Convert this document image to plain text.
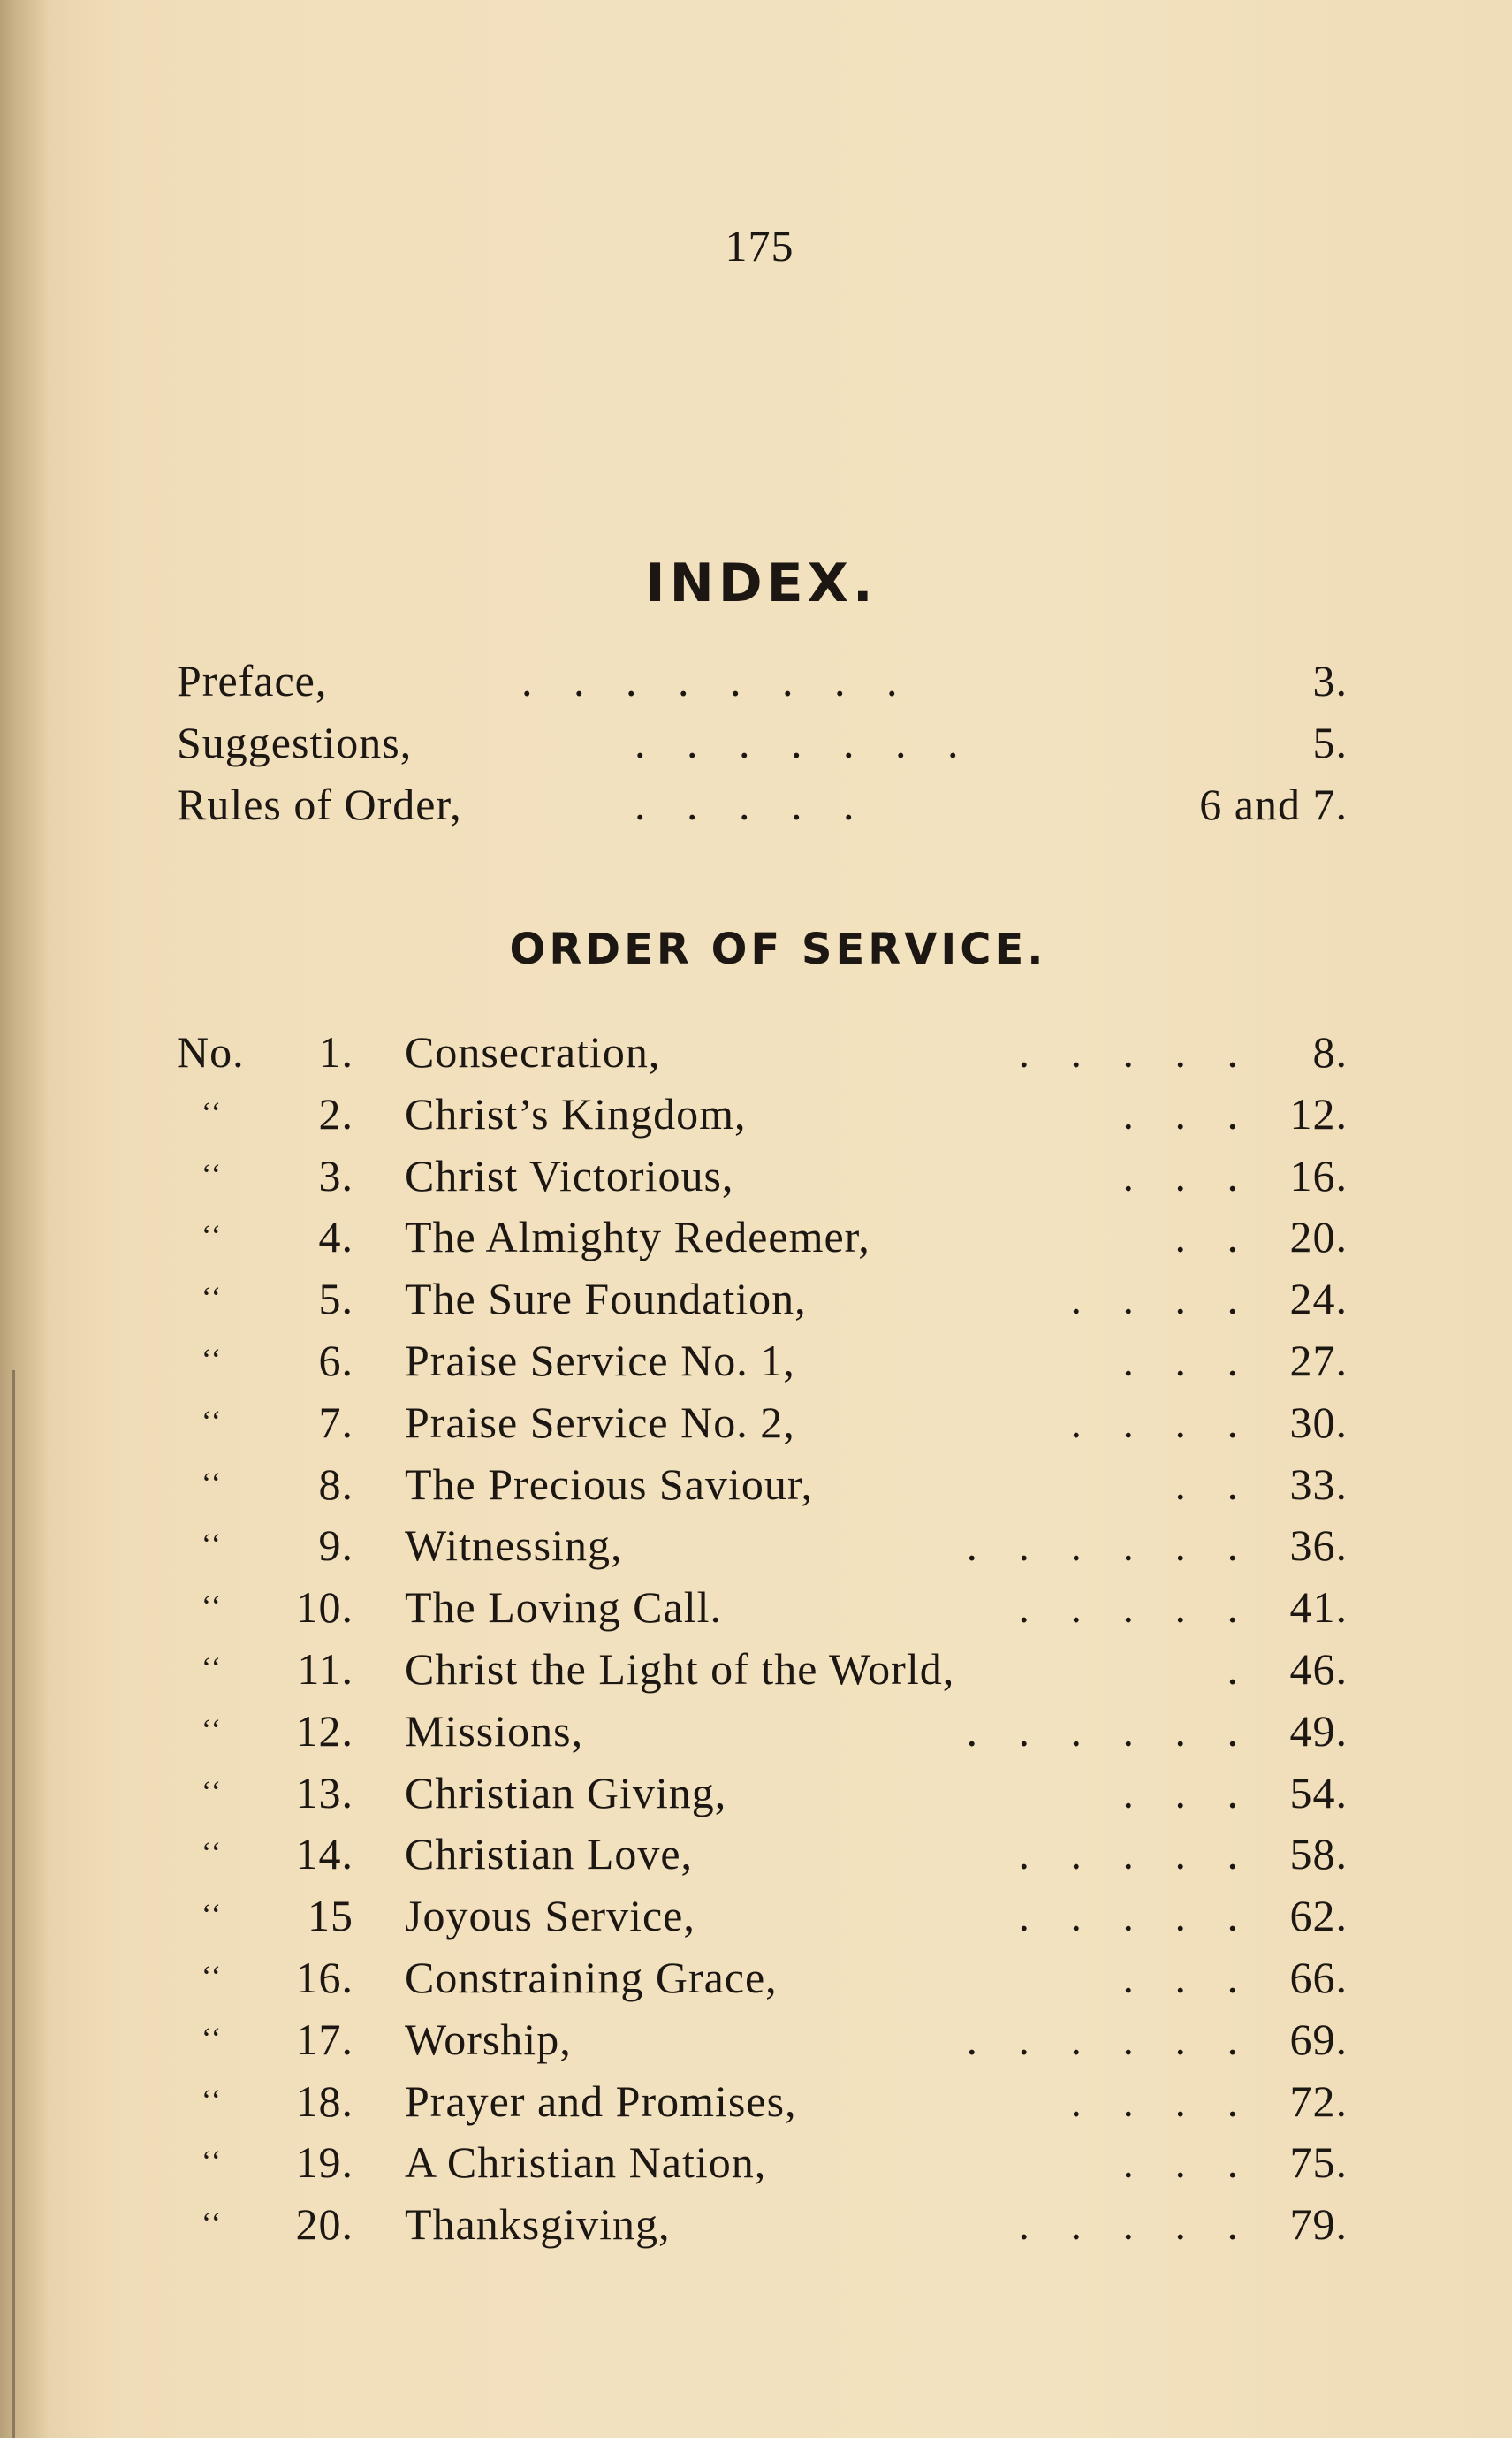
175
INDEX.
Preface,	. . . . . . . .	3.
Suggestions,	. . . . . . .	5.
Rules of Order,	. . . . .	6 and 7.
ORDER OF SERVICE.
No.	1. Consecration,	. . . . . 8.
‘‘	2. Christ’s Kingdom,	. . . 12.
‘‘	3. Christ Victorious,	. . . 16.
‘‘	4. The Almighty Redeemer,	. . 20.
‘‘	5. The Sure Foundation,	. . . . 24.
‘‘	6. Praise Service No. 1,	. . . 27.
‘‘	7. Praise Service No. 2,	. . . . 30.
‘‘	8. The Precious Saviour,	. . 33.
‘‘	9. Witnessing,	. . . . . . 36.
‘‘	10. The Loving Call.	. . . . . 41.
‘‘	11. Christ the Light of the World,	. 46.
‘‘	12. Missions,	. . . . . . 49.
‘‘	13. Christian Giving,	. . . 54.
‘‘	14. Christian Love,	. . . . . 58.
‘‘	15 Joyous Service,	. . . . . 62.
‘‘	16. Constraining Grace,	. . . 66.
‘‘	17. Worship,	. . . . . . 69.
‘‘	18. Prayer and Promises,	. . . . 72.
‘‘	19. A Christian Nation,	. . . 75.
‘‘	20. Thanksgiving,	. . . . . 79.
